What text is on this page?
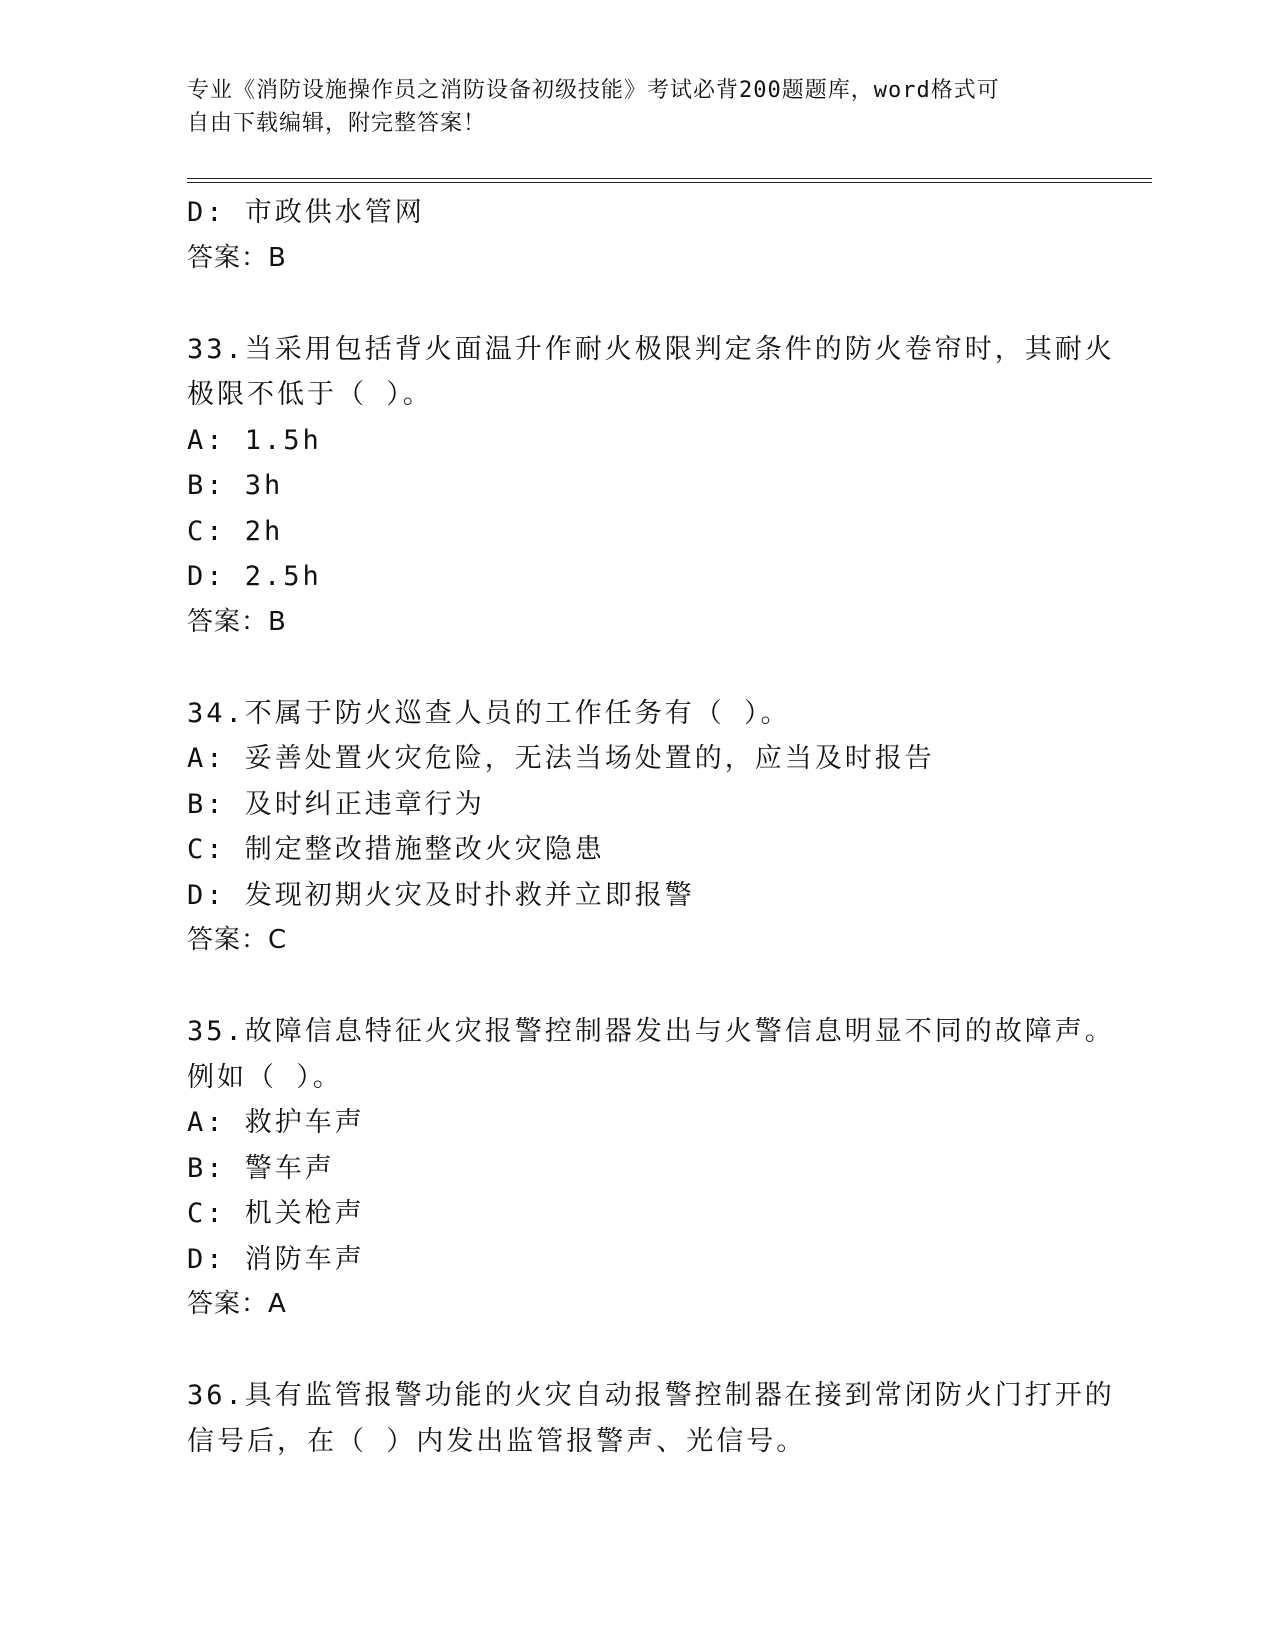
专业《消防设施操作员之消防设备初级技能》考试必背200题题库，word格式可
自由下载编辑，附完整答案！
D: 市政供水管网
答案：B
33.当采用包括背火面温升作耐火极限判定条件的防火卷帘时，其耐火
极限不低于（ ）。
A: 1.5h
B: 3h
C: 2h
D: 2.5h
答案：B
34.不属于防火巡查人员的工作任务有（ ）。
A: 妥善处置火灾危险，无法当场处置的，应当及时报告
B: 及时纠正违章行为
C: 制定整改措施整改火灾隐患
D: 发现初期火灾及时扑救并立即报警
答案：C
35.故障信息特征火灾报警控制器发出与火警信息明显不同的故障声。
例如（ ）。
A: 救护车声
B: 警车声
C: 机关枪声
D: 消防车声
答案：A
36.具有监管报警功能的火灾自动报警控制器在接到常闭防火门打开的
信号后，在（ ）内发出监管报警声、光信号。
